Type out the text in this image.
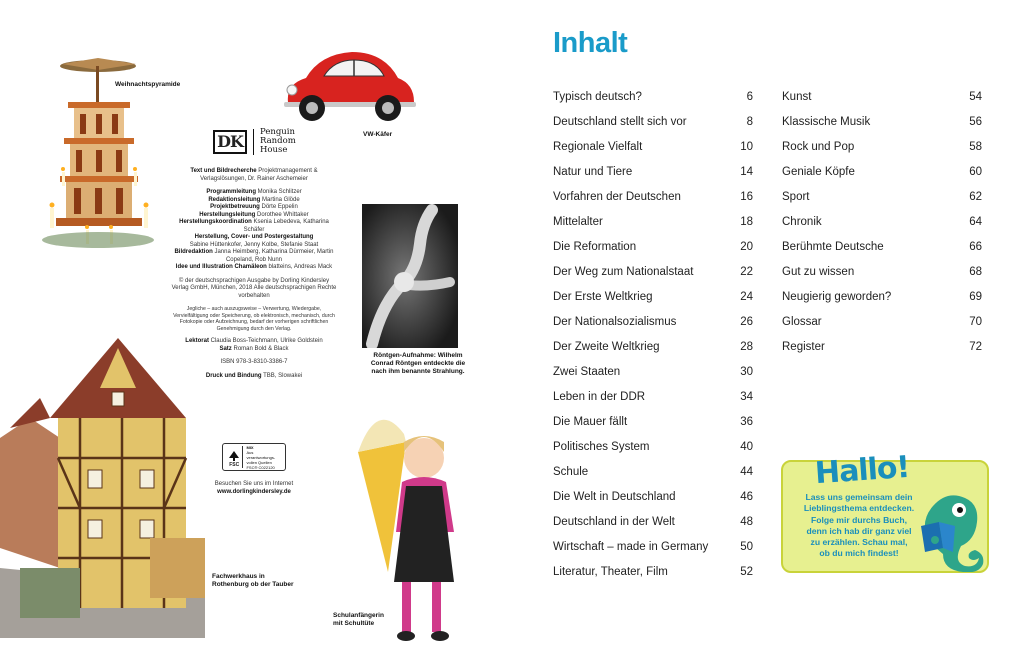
Weihnachtspyramide
VW-Käfer
DK	Penguin
Random
House
Text und Bildrecherche Projektmanagement & Verlagslösungen, Dr. Rainer Aschemeier
Programmleitung Monika Schlitzer
Redaktionsleitung Martina Glöde
Projektbetreuung Dörte Eppelin
Herstellungsleitung Dorothee Whittaker
Herstellungskoordination Ksenia Lebedeva, Katharina Schäfer
Herstellung, Cover- und Postergestaltung
Sabine Hüttenkofer, Jenny Kolbe, Stefanie Staat
Bildredaktion Janna Heimberg, Katharina Dürmeier, Martin Copeland, Rob Nunn
Idee und Illustration Chamäleon blatteins, Andreas Mack
© der deutschsprachigen Ausgabe by Dorling Kindersley Verlag GmbH, München, 2018 Alle deutschsprachigen Rechte vorbehalten
Jegliche – auch auszugsweise – Verwertung, Wiedergabe, Vervielfältigung oder Speicherung, ob elektronisch, mechanisch, durch Fotokopie oder Aufzeichnung, bedarf der vorherigen schriftlichen Genehmigung durch den Verlag.
Lektorat Claudia Boss-Teichmann, Ulrike Goldstein
Satz Roman Bold & Black
ISBN 978-3-8310-3386-7
Druck und Bindung TBB, Slowakei
FSC
MIX
Aus verantwortungs-
vollen Quellen
FSC® C022120
Besuchen Sie uns im Internet
www.dorlingkindersley.de
Röntgen-Aufnahme: Wilhelm Conrad Röntgen entdeckte die nach ihm benannte Strahlung.
Fachwerkhaus in Rothenburg ob der Tauber
Schulanfängerin mit Schultüte
Inhalt
Typisch deutsch?	6
Deutschland stellt sich vor	8
Regionale Vielfalt	10
Natur und Tiere	14
Vorfahren der Deutschen	16
Mittelalter	18
Die Reformation	20
Der Weg zum Nationalstaat	22
Der Erste Weltkrieg	24
Der Nationalsozialismus	26
Der Zweite Weltkrieg	28
Zwei Staaten	30
Leben in der DDR	34
Die Mauer fällt	36
Politisches System	40
Schule	44
Die Welt in Deutschland	46
Deutschland in der Welt	48
Wirtschaft – made in Germany	50
Literatur, Theater, Film	52
Kunst	54
Klassische Musik	56
Rock und Pop	58
Geniale Köpfe	60
Sport	62
Chronik	64
Berühmte Deutsche	66
Gut zu wissen	68
Neugierig geworden?	69
Glossar	70
Register	72
Hallo!
Lass uns gemeinsam dein
Lieblingsthema entdecken.
Folge mir durchs Buch,
denn ich hab dir ganz viel
zu erzählen. Schau mal,
ob du mich findest!
